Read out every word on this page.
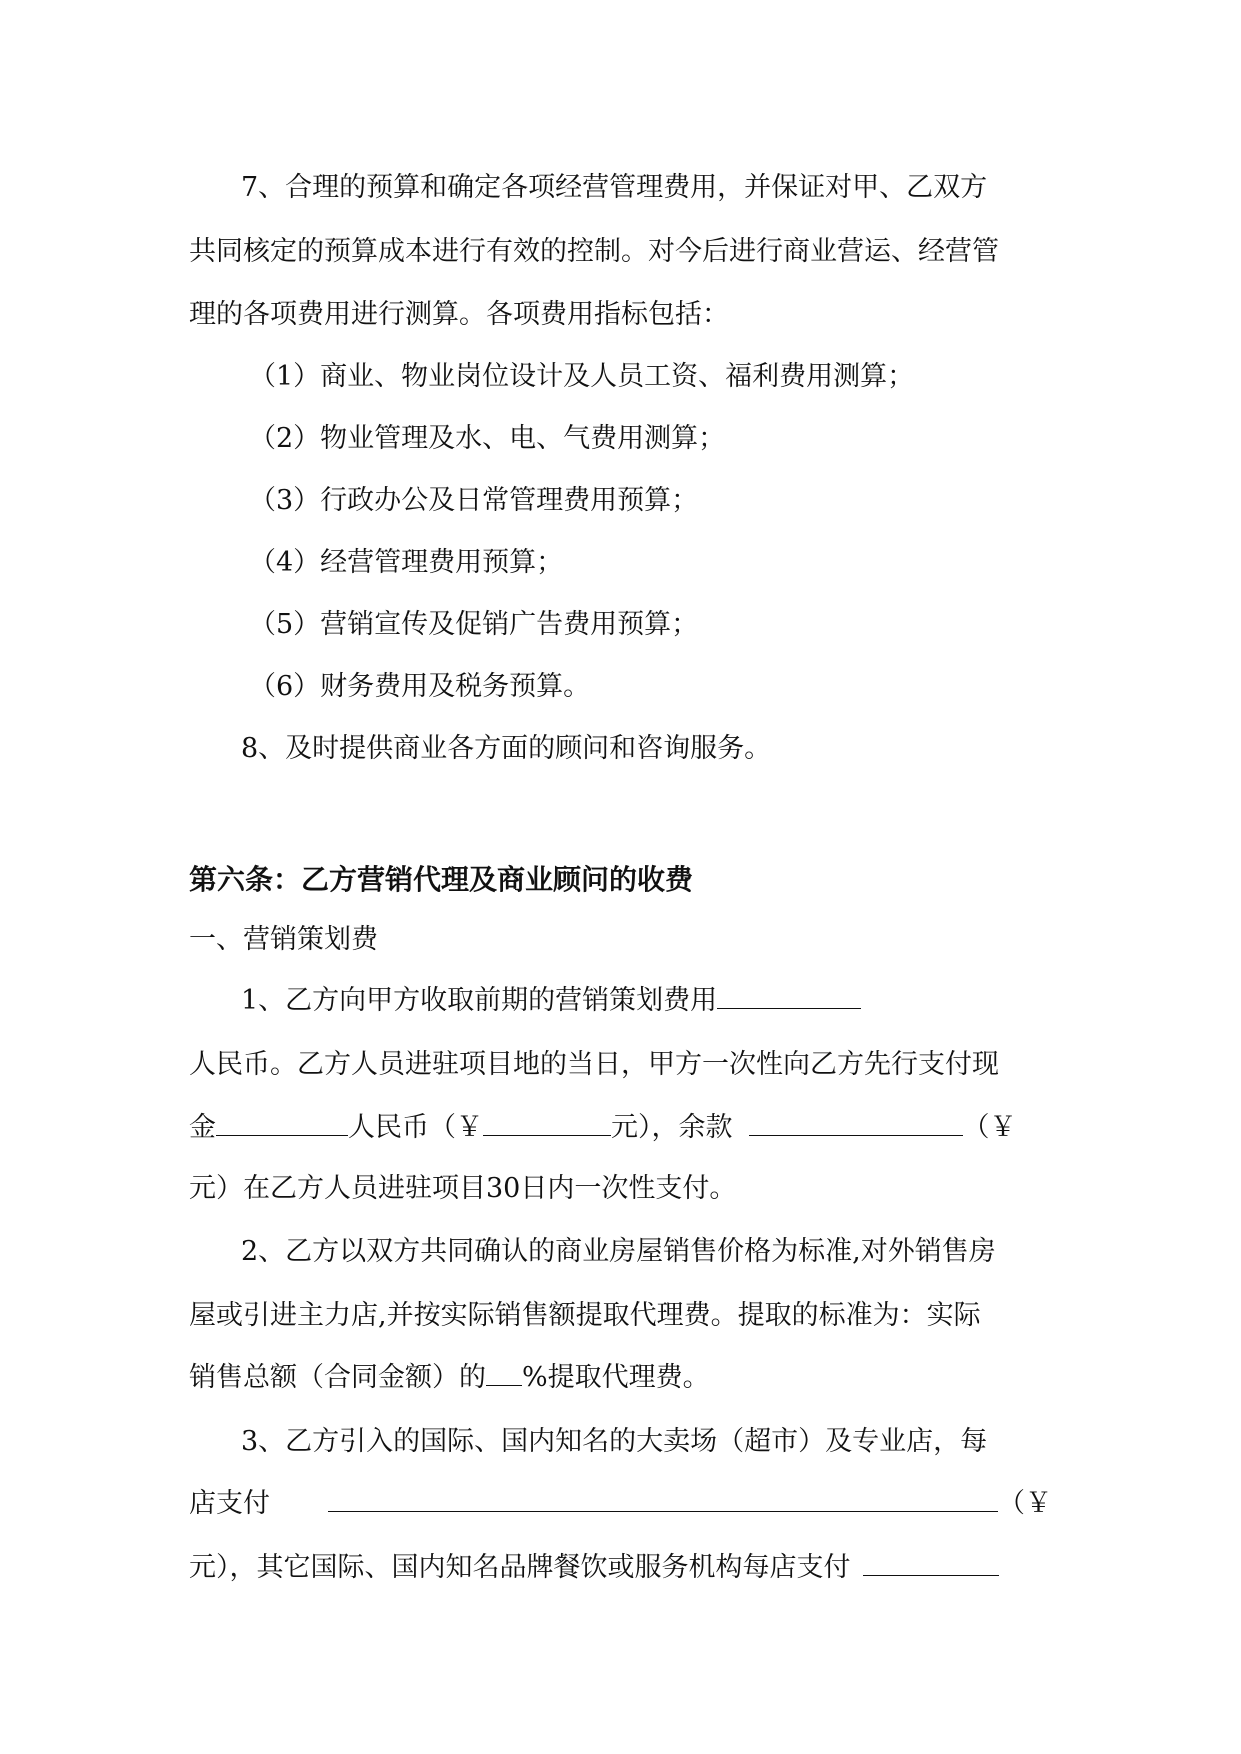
7、合理的预算和确定各项经营管理费用，并保证对甲、乙双方
共同核定的预算成本进行有效的控制。对今后进行商业营运、经营管
理的各项费用进行测算。各项费用指标包括：
（1）商业、物业岗位设计及人员工资、福利费用测算；
（2）物业管理及水、电、气费用测算；
（3）行政办公及日常管理费用预算；
（4）经营管理费用预算；
（5）营销宣传及促销广告费用预算；
（6）财务费用及税务预算。
8、及时提供商业各方面的顾问和咨询服务。
第六条：乙方营销代理及商业顾问的收费
一、营销策划费
1、乙方向甲方收取前期的营销策划费用
人民币。乙方人员进驻项目地的当日，甲方一次性向乙方先行支付现
金	人民币（￥	元），余款	（￥
元）在乙方人员进驻项目30日内一次性支付。
2、乙方以双方共同确认的商业房屋销售价格为标准,对外销售房
屋或引进主力店,并按实际销售额提取代理费。提取的标准为：实际
销售总额（合同金额）的 %提取代理费。
3、乙方引入的国际、国内知名的大卖场（超市）及专业店，每
店支付	（￥
元），其它国际、国内知名品牌餐饮或服务机构每店支付
